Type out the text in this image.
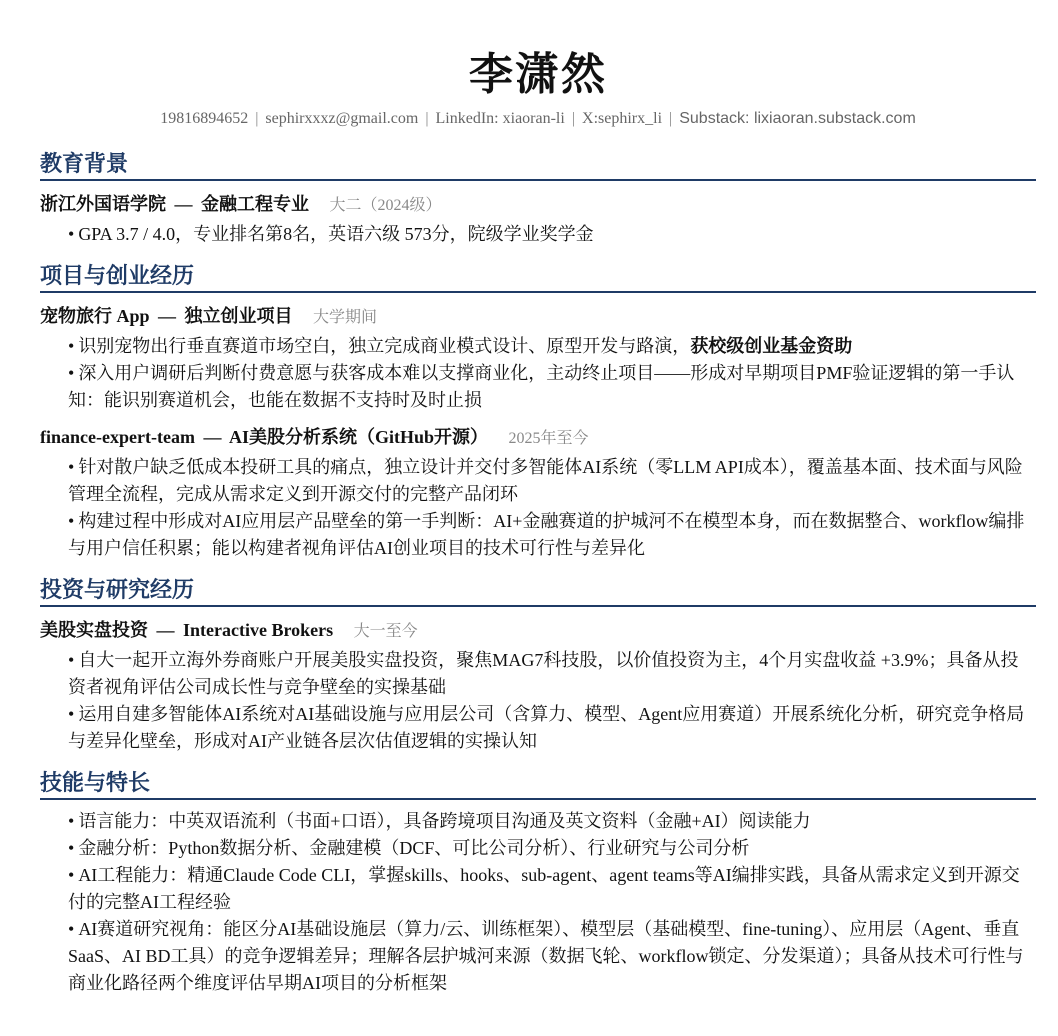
李潇然
19816894652 | sephirxxxz@gmail.com | LinkedIn: xiaoran-li | X:sephirx_li | Substack: lixiaoran.substack.com
教育背景
浙江外国语学院 — 金融工程专业 大二（2024级）
• GPA 3.7 / 4.0，专业排名第8名，英语六级 573分，院级学业奖学金
项目与创业经历
宠物旅行 App — 独立创业项目 大学期间
• 识别宠物出行垂直赛道市场空白，独立完成商业模式设计、原型开发与路演，获校级创业基金资助
• 深入用户调研后判断付费意愿与获客成本难以支撑商业化，主动终止项目——形成对早期项目PMF验证逻辑的第一手认知：能识别赛道机会，也能在数据不支持时及时止损
finance-expert-team — AI美股分析系统（GitHub开源） 2025年至今
• 针对散户缺乏低成本投研工具的痛点，独立设计并交付多智能体AI系统（零LLM API成本），覆盖基本面、技术面与风险管理全流程，完成从需求定义到开源交付的完整产品闭环
• 构建过程中形成对AI应用层产品壁垒的第一手判断：AI+金融赛道的护城河不在模型本身，而在数据整合、workflow编排与用户信任积累；能以构建者视角评估AI创业项目的技术可行性与差异化
投资与研究经历
美股实盘投资 — Interactive Brokers 大一至今
• 自大一起开立海外券商账户开展美股实盘投资，聚焦MAG7科技股，以价值投资为主，4个月实盘收益 +3.9%；具备从投资者视角评估公司成长性与竞争壁垒的实操基础
• 运用自建多智能体AI系统对AI基础设施与应用层公司（含算力、模型、Agent应用赛道）开展系统化分析，研究竞争格局与差异化壁垒，形成对AI产业链各层次估值逻辑的实操认知
技能与特长
• 语言能力：中英双语流利（书面+口语），具备跨境项目沟通及英文资料（金融+AI）阅读能力
• 金融分析：Python数据分析、金融建模（DCF、可比公司分析）、行业研究与公司分析
• AI工程能力：精通Claude Code CLI，掌握skills、hooks、sub-agent、agent teams等AI编排实践，具备从需求定义到开源交付的完整AI工程经验
• AI赛道研究视角：能区分AI基础设施层（算力/云、训练框架）、模型层（基础模型、fine-tuning）、应用层（Agent、垂直SaaS、AI BD工具）的竞争逻辑差异；理解各层护城河来源（数据飞轮、workflow锁定、分发渠道）；具备从技术可行性与商业化路径两个维度评估早期AI项目的分析框架
